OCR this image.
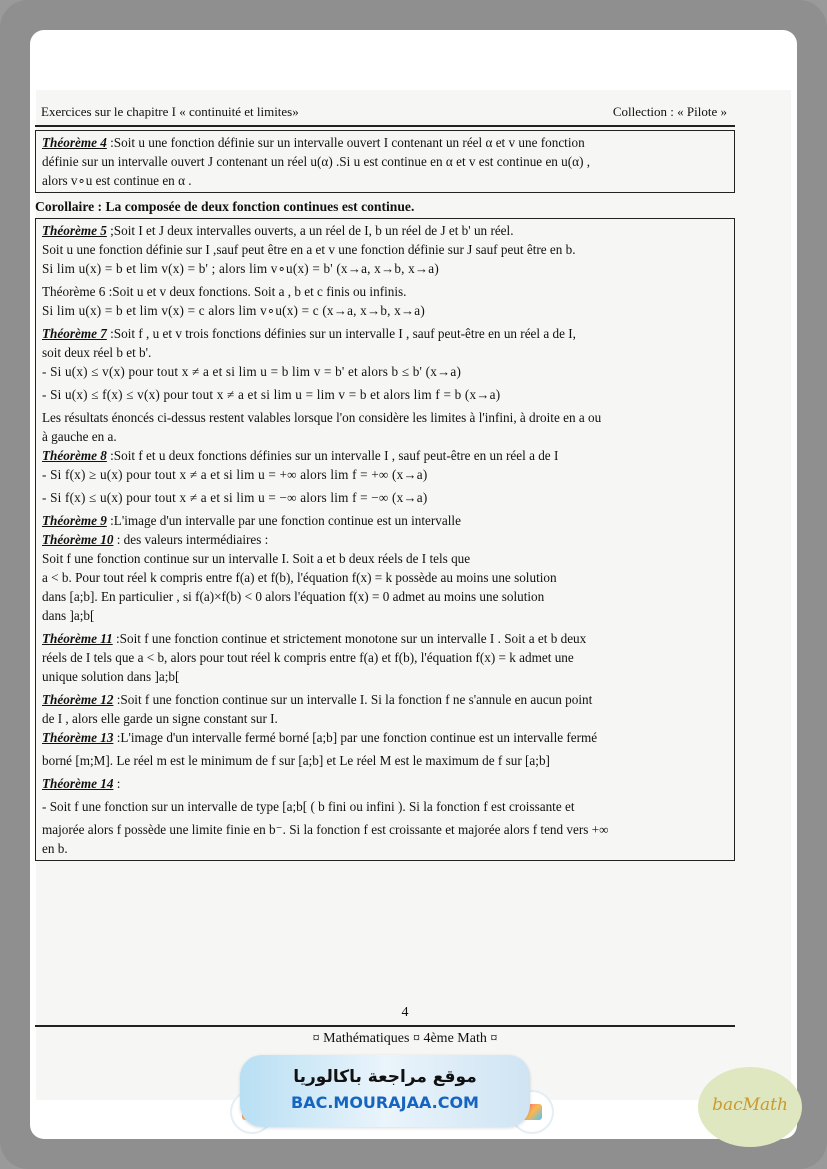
Exercices sur le chapitre I « continuité et limites»	Collection : « Pilote »

Théorème 4 :Soit u une fonction définie sur un intervalle ouvert I contenant un réel α et v une fonction

définie sur un intervalle ouvert J contenant un réel u(α) .Si u est continue en α et v est continue en u(α) ,

alors v∘u est continue en α .

Corollaire : La composée de deux fonction continues est continue.

Théorème 5 ;Soit I et J deux intervalles ouverts, a un réel de I, b un réel de J et b' un réel.

Soit u une fonction définie sur I ,sauf peut être en a et v une fonction définie sur J sauf peut être en b.

Si lim u(x) = b et lim v(x) = b' ; alors lim v∘u(x) = b' (x→a, x→b, x→a)

Théorème 6 :Soit u et v deux fonctions. Soit a , b et c finis ou infinis.

Si lim u(x) = b et lim v(x) = c alors lim v∘u(x) = c (x→a, x→b, x→a)

Théorème 7 :Soit f , u et v trois fonctions définies sur un intervalle I , sauf peut-être en un réel a de I,

soit deux réel b et b'.

- Si u(x) ≤ v(x) pour tout x ≠ a et si lim u = b lim v = b' et alors b ≤ b' (x→a)

- Si u(x) ≤ f(x) ≤ v(x) pour tout x ≠ a et si lim u = lim v = b et alors lim f = b (x→a)

Les résultats énoncés ci-dessus restent valables lorsque l'on considère les limites à l'infini, à droite en a ou

à gauche en a.

Théorème 8 :Soit f et u deux fonctions définies sur un intervalle I , sauf peut-être en un réel a de I

- Si f(x) ≥ u(x) pour tout x ≠ a et si lim u = +∞ alors lim f = +∞ (x→a)

- Si f(x) ≤ u(x) pour tout x ≠ a et si lim u = −∞ alors lim f = −∞ (x→a)

Théorème 9 :L'image d'un intervalle par une fonction continue est un intervalle

Théorème 10 : des valeurs intermédiaires :

Soit f une fonction continue sur un intervalle I. Soit a et b deux réels de I tels que

a < b. Pour tout réel k compris entre f(a) et f(b), l'équation f(x) = k possède au moins une solution

dans [a;b]. En particulier , si f(a)×f(b) < 0 alors l'équation f(x) = 0 admet au moins une solution

dans ]a;b[

Théorème 11 :Soit f une fonction continue et strictement monotone sur un intervalle I . Soit a et b deux

réels de I tels que a < b, alors pour tout réel k compris entre f(a) et f(b), l'équation f(x) = k admet une

unique solution dans ]a;b[

Théorème 12 :Soit f une fonction continue sur un intervalle I. Si la fonction f ne s'annule en aucun point

de I , alors elle garde un signe constant sur I.

Théorème 13 :L'image d'un intervalle fermé borné [a;b] par une fonction continue est un intervalle fermé

borné [m;M]. Le réel m est le minimum de f sur [a;b] et Le réel M est le maximum de f sur [a;b]

Théorème 14 :

- Soit f une fonction sur un intervalle de type [a;b[ ( b fini ou infini ). Si la fonction f est croissante et

majorée alors f possède une limite finie en b⁻. Si la fonction f est croissante et majorée alors f tend vers +∞

en b.

4
¤ Mathématiques ¤ 4ème Math ¤
موقع مراجعة باكالوريا
BAC.MOURAJAA.COM	bacMath
